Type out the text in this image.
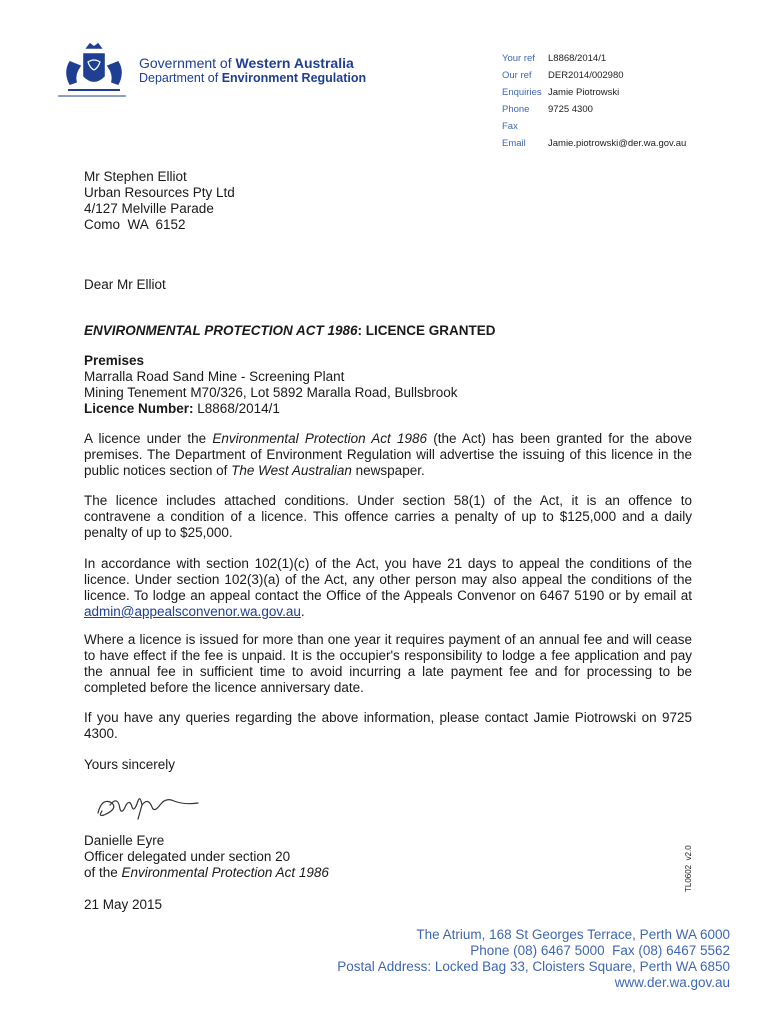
Government of Western Australia
Department of Environment Regulation
Your ref	L8868/2014/1
Our ref	DER2014/002980
Enquiries Jamie Piotrowski
Phone	9725 4300
Fax
Email	Jamie.piotrowski@der.wa.gov.au
Mr Stephen Elliot
Urban Resources Pty Ltd
4/127 Melville Parade
Como  WA  6152
Dear Mr Elliot
ENVIRONMENTAL PROTECTION ACT 1986: LICENCE GRANTED
Premises
Marralla Road Sand Mine - Screening Plant
Mining Tenement M70/326, Lot 5892 Maralla Road, Bullsbrook
Licence Number: L8868/2014/1
A licence under the Environmental Protection Act 1986 (the Act) has been granted for the above premises. The Department of Environment Regulation will advertise the issuing of this licence in the public notices section of The West Australian newspaper.
The licence includes attached conditions. Under section 58(1) of the Act, it is an offence to contravene a condition of a licence. This offence carries a penalty of up to $125,000 and a daily penalty of up to $25,000.
In accordance with section 102(1)(c) of the Act, you have 21 days to appeal the conditions of the licence. Under section 102(3)(a) of the Act, any other person may also appeal the conditions of the licence. To lodge an appeal contact the Office of the Appeals Convenor on 6467 5190 or by email at admin@appealsconvenor.wa.gov.au.
Where a licence is issued for more than one year it requires payment of an annual fee and will cease to have effect if the fee is unpaid. It is the occupier's responsibility to lodge a fee application and pay the annual fee in sufficient time to avoid incurring a late payment fee and for processing to be completed before the licence anniversary date.
If you have any queries regarding the above information, please contact Jamie Piotrowski on 9725 4300.
Yours sincerely
Danielle Eyre
Officer delegated under section 20
of the Environmental Protection Act 1986
21 May 2015
TL0602  v2.0
The Atrium, 168 St Georges Terrace, Perth WA 6000
Phone (08) 6467 5000  Fax (08) 6467 5562
Postal Address: Locked Bag 33, Cloisters Square, Perth WA 6850
www.der.wa.gov.au
